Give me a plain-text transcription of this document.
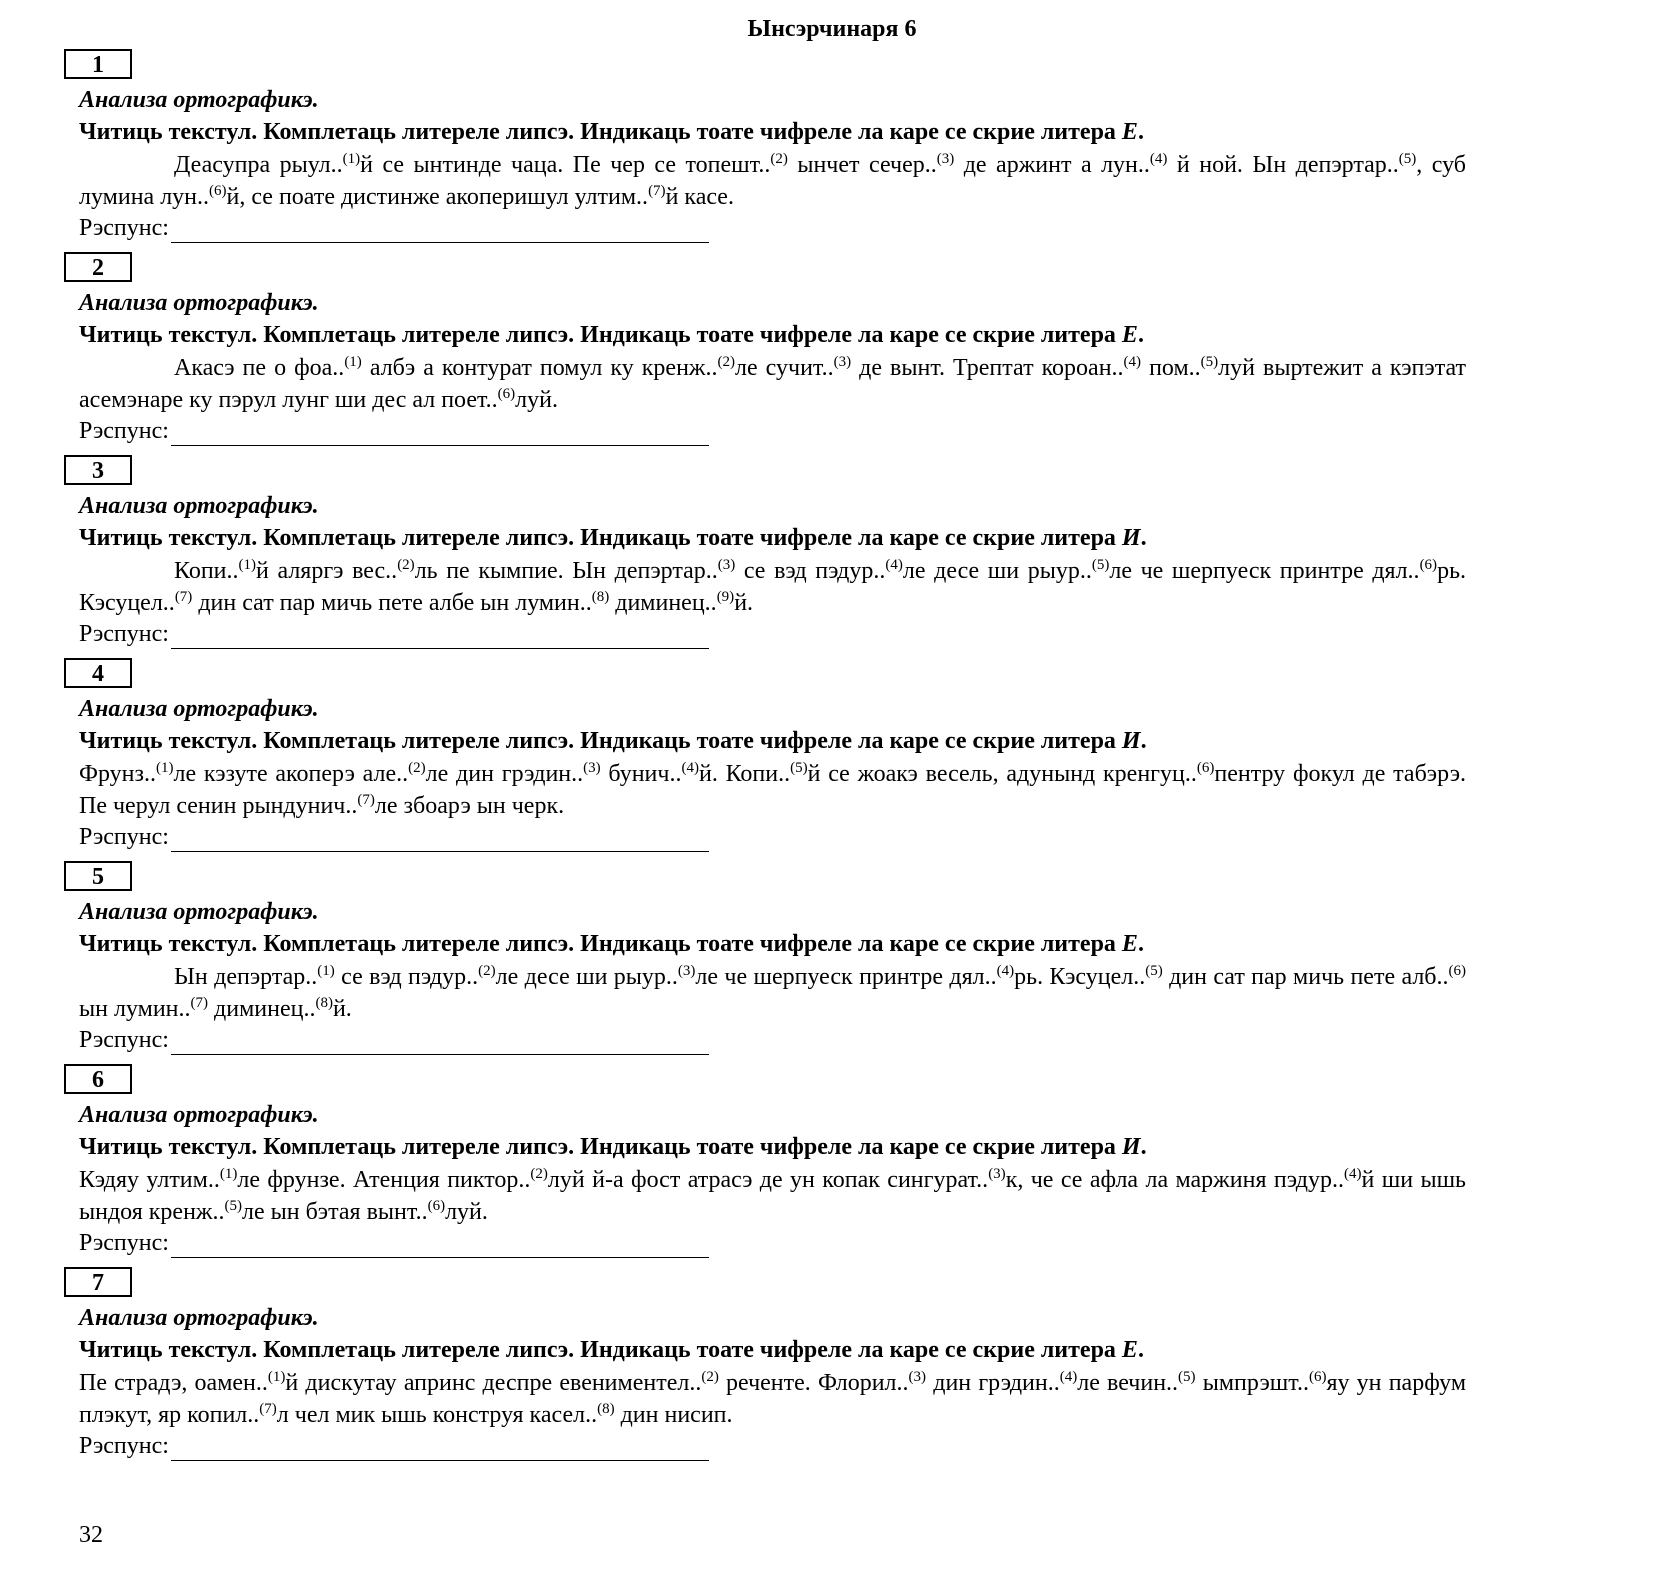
Ынсэрчинаря 6
1
Анализа ортографикэ.
Читиць текстул. Комплетаць литереле липсэ. Индикаць тоате чифреле ла каре се скрие литера Е.
Деасупра рыул..$^{(1)}$й се ынтинде чаца. Пе чер се топешт..$^{(2)}$ ынчет сечер..$^{(3)}$ де аржинт а лун..$^{(4)}$ й ной. Ын депэртар..$^{(5)}$, суб лумина лун..$^{(6)}$й, се поате дистинже акоперишул ултим..$^{(7)}$й касе.
Рэспунс:
2
Анализа ортографикэ.
Читиць текстул. Комплетаць литереле липсэ. Индикаць тоате чифреле ла каре се скрие литера Е.
Акасэ пе о фоа..$^{(1)}$ албэ а контурат помул ку кренж..$^{(2)}$ле сучит..$^{(3)}$ де вынт. Трептат короан..$^{(4)}$ пом..$^{(5)}$луй выртежит а кэпэтат асемэнаре ку пэрул лунг ши дес ал поет..$^{(6)}$луй.
Рэспунс:
3
Анализа ортографикэ.
Читиць текстул. Комплетаць литереле липсэ. Индикаць тоате чифреле ла каре се скрие литера И.
Копи..$^{(1)}$й аляргэ вес..$^{(2)}$ль пе кымпие. Ын депэртар..$^{(3)}$ се вэд пэдур..$^{(4)}$ле десе ши рыур..$^{(5)}$ле че шерпуеск принтре дял..$^{(6)}$рь. Кэсуцел..$^{(7)}$ дин сат пар мичь пете албе ын лумин..$^{(8)}$ диминец..$^{(9)}$й.
Рэспунс:
4
Анализа ортографикэ.
Читиць текстул. Комплетаць литереле липсэ. Индикаць тоате чифреле ла каре се скрие литера И.
Фрунз..$^{(1)}$ле кэзуте акоперэ але..$^{(2)}$ле дин грэдин..$^{(3)}$ бунич..$^{(4)}$й. Копи..$^{(5)}$й се жоакэ весель, адунынд кренгуц..$^{(6)}$пентру фокул де табэрэ. Пе черул сенин рындунич..$^{(7)}$ле збоарэ ын черк.
Рэспунс:
5
Анализа ортографикэ.
Читиць текстул. Комплетаць литереле липсэ. Индикаць тоате чифреле ла каре се скрие литера Е.
Ын депэртар..$^{(1)}$ се вэд пэдур..$^{(2)}$ле десе ши рыур..$^{(3)}$ле че шерпуеск принтре дял..$^{(4)}$рь. Кэсуцел..$^{(5)}$ дин сат пар мичь пете алб..$^{(6)}$ ын лумин..$^{(7)}$ диминец..$^{(8)}$й.
Рэспунс:
6
Анализа ортографикэ.
Читиць текстул. Комплетаць литереле липсэ. Индикаць тоате чифреле ла каре се скрие литера И.
Кэдяу ултим..$^{(1)}$ле фрунзе. Атенция пиктор..$^{(2)}$луй й-а фост атрасэ де ун копак сингурат..$^{(3)}$к, че се афла ла маржиня пэдур..$^{(4)}$й ши ышь ындоя кренж..$^{(5)}$ле ын бэтая вынт..$^{(6)}$луй.
Рэспунс:
7
Анализа ортографикэ.
Читиць текстул. Комплетаць литереле липсэ. Индикаць тоате чифреле ла каре се скрие литера Е.
Пе страдэ, оамен..$^{(1)}$й дискутау апринс деспре евениментел..$^{(2)}$ реченте. Флорил..$^{(3)}$ дин грэдин..$^{(4)}$ле вечин..$^{(5)}$ ымпрэшт..$^{(6)}$яу ун парфум плэкут, яр копил..$^{(7)}$л чел мик ышь конструя касел..$^{(8)}$ дин нисип.
Рэспунс:
32
